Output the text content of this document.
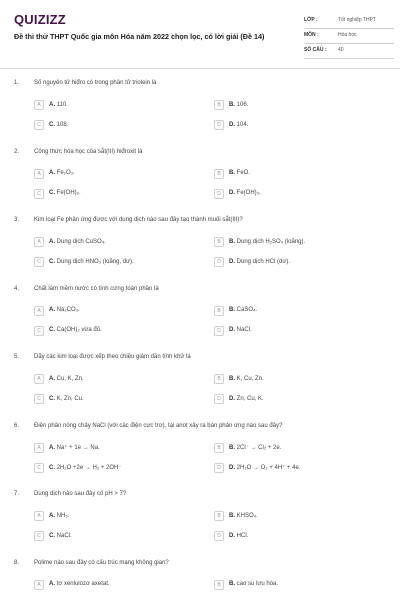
QUIZIZZ
Đề thi thử THPT Quốc gia môn Hóa năm 2022 chọn lọc, có lời giải (Đề 14)
LỚP :	Tốt nghiệp THPT
MÔN :	Hóa học
SỐ CÂU : 40
1. Số nguyên tử hiđro có trong phân tử triolein là
A	A. 110.	B	B. 106.
C	C. 108.	D	D. 104.
2. Công thức hóa học của sắt(III) hiđroxit là
A	A. Fe₂O₃.	B	B. FeO.
C	C. Fe(OH)₂.	D	D. Fe(OH)₃.
3. Kim loại Fe phản ứng được với dung dịch nào sau đây tạo thành muối sắt(III)?
A	A. Dung dịch CuSO₄.	B	B. Dung dịch H₂SO₄ (loãng).
C	C. Dung dịch HNO₃ (loãng, dư).	D	D. Dung dịch HCl (dư).
4. Chất làm mềm nước có tính cứng toàn phần là
A	A. Na₂CO₃.	B	B. CaSO₄.
C	C. Ca(OH)₂ vừa đủ.	D	D. NaCl.
5. Dãy các kim loại được xếp theo chiều giảm dần tính khử là
A	A. Cu, K, Zn.	B	B. K, Cu, Zn.
C	C. K, Zn, Cu.	D	D. Zn, Cu, K.
6. Điện phân nóng chảy NaCl (với các điện cực trơ), tại anot xảy ra bán phản ứng nào sau đây?
A	A. Na⁺ + 1e → Na.	B	B. 2Cl⁻ → Cl₂ + 2e.
C	C. 2H₂O +2e → H₂ + 2OH⁻	D	D. 2H₂O → O₂ + 4H⁺ + 4e.
7. Dung dịch nào sau đây có pH > 7?
A	A. NH₃.	B	B. KHSO₄.
C	C. NaCl.	D	D. HCl.
8. Polime nào sau đây có cấu trúc mạng không gian?
A	A. tơ xenlulozơ axetat.	B	B. cao su lưu hóa.
